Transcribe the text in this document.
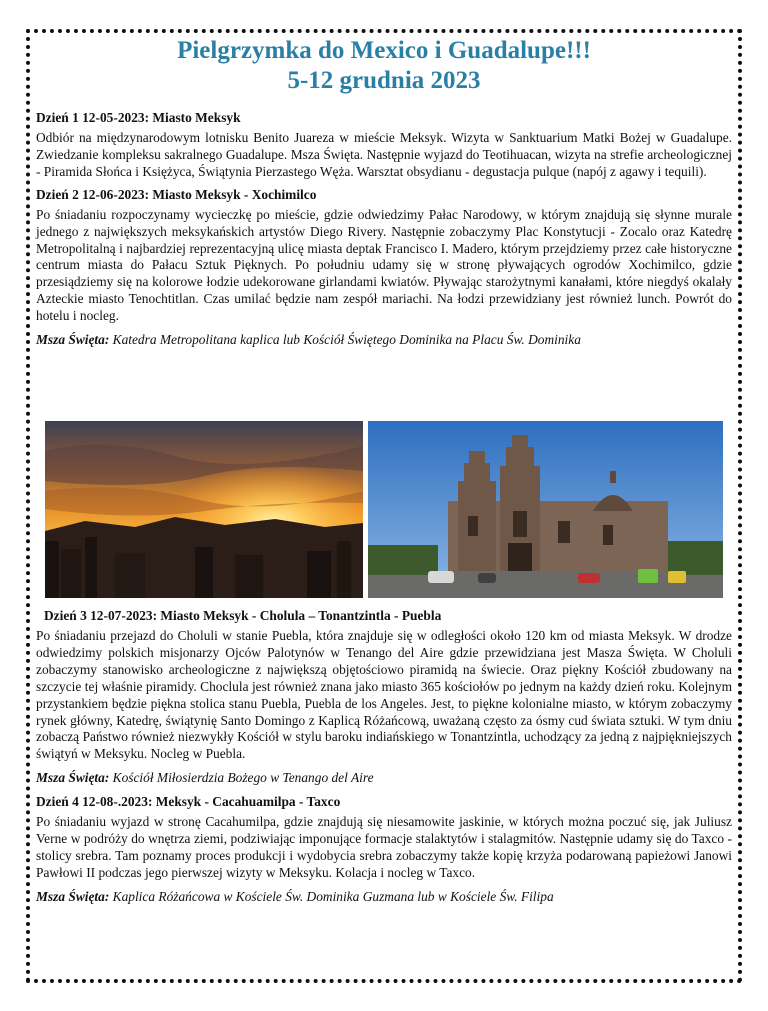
Pielgrzymka do Mexico i Guadalupe!!!
5-12 grudnia 2023
Dzień 1 12-05-2023: Miasto Meksyk

Odbiór na międzynarodowym lotnisku Benito Juareza w mieście Meksyk. Wizyta w Sanktuarium Matki Bożej w Guadalupe. Zwiedzanie kompleksu sakralnego Guadalupe. Msza Święta. Następnie wyjazd do Teotihuacan, wizyta na strefie archeologicznej - Piramida Słońca i Księżyca, Świątynia Pierzastego Węża. Warsztat obsydianu - degustacja pulque (napój z agawy i tequili).

Dzień 2 12-06-2023: Miasto Meksyk - Xochimilco

Po śniadaniu rozpoczynamy wycieczkę po mieście, gdzie odwiedzimy Pałac Narodowy, w którym znajdują się słynne murale jednego z największych meksykańskich artystów Diego Rivery. Następnie zobaczymy Plac Konstytucji - Zocalo oraz Katedrę Metropolitalną i najbardziej reprezentacyjną ulicę miasta deptak Francisco I. Madero, którym przejdziemy przez całe historyczne centrum miasta do Pałacu Sztuk Pięknych. Po południu udamy się w stronę pływających ogrodów Xochimilco, gdzie przesiądziemy się na kolorowe łodzie udekorowane girlandami kwiatów. Pływając starożytnymi kanałami, które niegdyś okalały Azteckie miasto Tenochtitlan. Czas umilać będzie nam zespół mariachi. Na łodzi przewidziany jest również lunch. Powrót do hotelu i nocleg.

Msza Święta: Katedra Metropolitana kaplica lub Kościół Świętego Dominika na Placu Św. Dominika
Dzień 3 12-07-2023: Miasto Meksyk - Cholula – Tonantzintla - Puebla

Po śniadaniu przejazd do Choluli w stanie Puebla, która znajduje się w odległości około 120 km od miasta Meksyk. W drodze odwiedzimy polskich misjonarzy Ojców Palotynów w Tenango del Aire gdzie przewidziana jest Masza Święta. W Choluli zobaczymy stanowisko archeologiczne z największą objętościowo piramidą na świecie. Oraz piękny Kościół zbudowany na szczycie tej właśnie piramidy. Choclula jest również znana jako miasto 365 kościołów po jednym na każdy dzień roku. Kolejnym przystankiem będzie piękna stolica stanu Puebla, Puebla de los Angeles. Jest, to piękne kolonialne miasto, w którym zobaczymy rynek główny, Katedrę, świątynię Santo Domingo z Kaplicą Różańcową, uważaną często za ósmy cud świata sztuki. W tym dniu zobaczą Państwo również niezwykły Kościół w stylu baroku indiańskiego w Tonantzintla, uchodzący za jedną z najpiękniejszych świątyń w Meksyku. Nocleg w Puebla.

Msza Święta: Kościół Miłosierdzia Bożego w Tenango del Aire
Dzień 4 12-08-.2023: Meksyk - Cacahuamilpa - Taxco

Po śniadaniu wyjazd w stronę Cacahumilpa, gdzie znajdują się niesamowite jaskinie, w których można poczuć się, jak Juliusz Verne w podróży do wnętrza ziemi, podziwiając imponujące formacje stalaktytów i stalagmitów. Następnie udamy się do Taxco - stolicy srebra. Tam poznamy proces produkcji i wydobycia srebra zobaczymy także kopię krzyża podarowaną papieżowi Janowi Pawłowi II podczas jego pierwszej wizyty w Meksyku. Kolacja i nocleg w Taxco.

Msza Święta: Kaplica Różańcowa w Kościele Św. Dominika Guzmana lub w Kościele Św. Filipa
